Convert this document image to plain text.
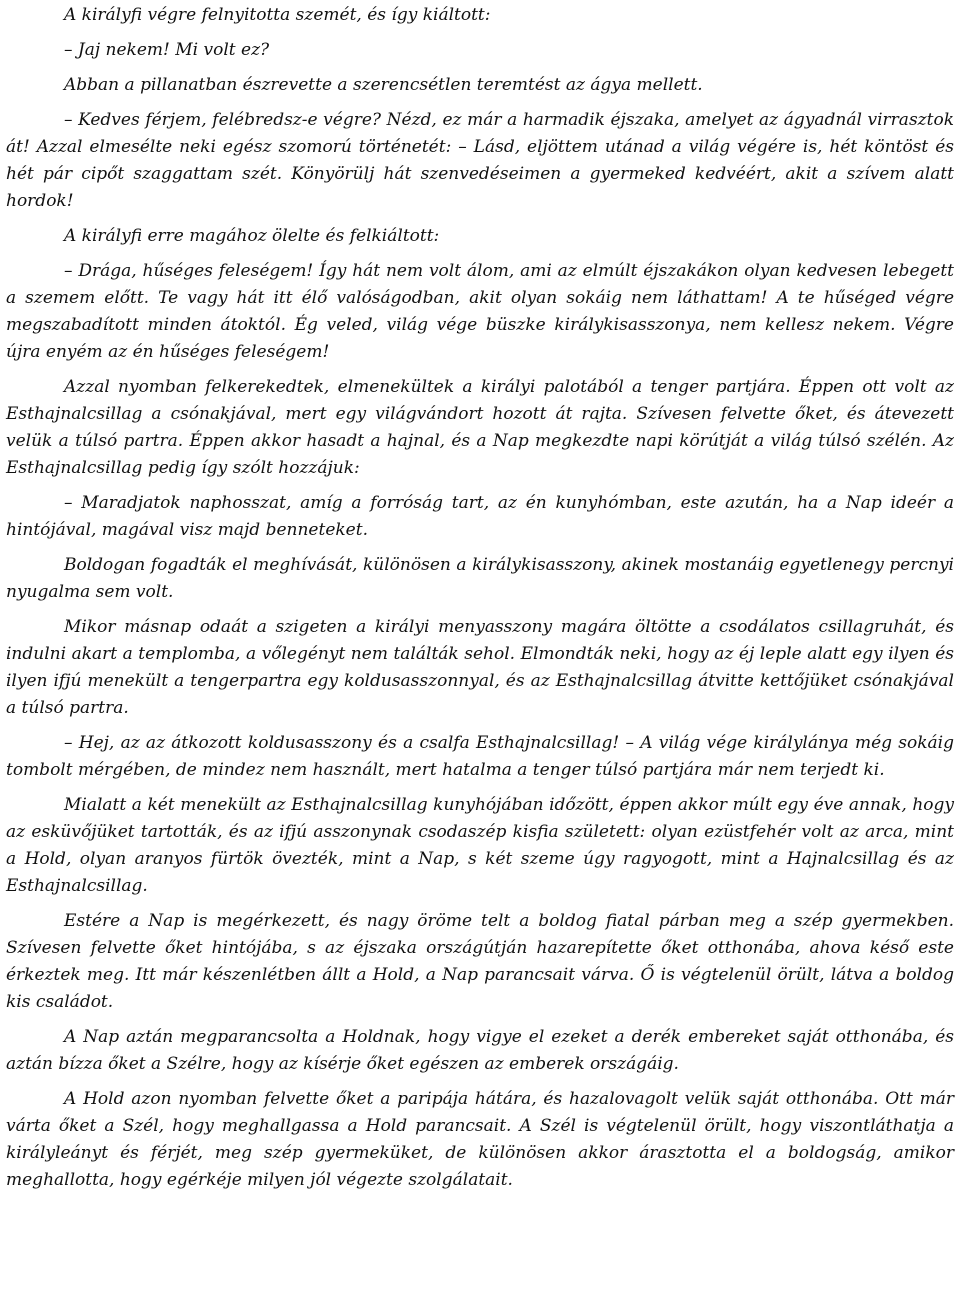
A királyfi végre felnyitotta szemét, és így kiáltott:

– Jaj nekem! Mi volt ez?

Abban a pillanatban észrevette a szerencsétlen teremtést az ágya mellett.

– Kedves férjem, felébredsz-e végre? Nézd, ez már a harmadik éjszaka, amelyet az ágyadnál virrasztok át! Azzal elmesélte neki egész szomorú történetét: – Lásd, eljöttem utánad a világ végére is, hét köntöst és hét pár cipőt szaggattam szét. Könyörülj hát szenvedéseimen a gyermeked kedvéért, akit a szívem alatt hordok!

A királyfi erre magához ölelte és felkiáltott:

– Drága, hűséges feleségem! Így hát nem volt álom, ami az elmúlt éjszakákon olyan kedvesen lebegett a szemem előtt. Te vagy hát itt élő valóságodban, akit olyan sokáig nem láthattam! A te hűséged végre megszabadított minden átoktól. Ég veled, világ vége büszke királykisasszonya, nem kellesz nekem. Végre újra enyém az én hűséges feleségem!

Azzal nyomban felkerekedtek, elmenekültek a királyi palotából a tenger partjára. Éppen ott volt az Esthajnalcsillag a csónakjával, mert egy világvándort hozott át rajta. Szívesen felvette őket, és átevezett velük a túlsó partra. Éppen akkor hasadt a hajnal, és a Nap megkezdte napi körútját a világ túlsó szélén. Az Esthajnalcsillag pedig így szólt hozzájuk:

– Maradjatok naphosszat, amíg a forróság tart, az én kunyhómban, este azután, ha a Nap ideér a hintójával, magával visz majd benneteket.

Boldogan fogadták el meghívását, különösen a királykisasszony, akinek mostanáig egyetlenegy percnyi nyugalma sem volt.

Mikor másnap odaát a szigeten a királyi menyasszony magára öltötte a csodálatos csillagruhát, és indulni akart a templomba, a vőlegényt nem találták sehol. Elmondták neki, hogy az éj leple alatt egy ilyen és ilyen ifjú menekült a tengerpartra egy koldusasszonnyal, és az Esthajnalcsillag átvitte kettőjüket csónakjával a túlsó partra.

– Hej, az az átkozott koldusasszony és a csalfa Esthajnalcsillag! – A világ vége királylánya még sokáig tombolt mérgében, de mindez nem használt, mert hatalma a tenger túlsó partjára már nem terjedt ki.

Mialatt a két menekült az Esthajnalcsillag kunyhójában időzött, éppen akkor múlt egy éve annak, hogy az esküvőjüket tartották, és az ifjú asszonynak csodaszép kisfia született: olyan ezüstfehér volt az arca, mint a Hold, olyan aranyos fürtök övezték, mint a Nap, s két szeme úgy ragyogott, mint a Hajnalcsillag és az Esthajnalcsillag.

Estére a Nap is megérkezett, és nagy öröme telt a boldog fiatal párban meg a szép gyermekben. Szívesen felvette őket hintójába, s az éjszaka országútján hazarepítette őket otthonába, ahova késő este érkeztek meg. Itt már készenlétben állt a Hold, a Nap parancsait várva. Ő is végtelenül örült, látva a boldog kis családot.

A Nap aztán megparancsolta a Holdnak, hogy vigye el ezeket a derék embereket saját otthonába, és aztán bízza őket a Szélre, hogy az kísérje őket egészen az emberek országáig.

A Hold azon nyomban felvette őket a paripája hátára, és hazalovagolt velük saját otthonába. Ott már várta őket a Szél, hogy meghallgassa a Hold parancsait. A Szél is végtelenül örült, hogy viszontláthatja a királyleányt és férjét, meg szép gyermeküket, de különösen akkor árasztotta el a boldogság, amikor meghallotta, hogy egérkéje milyen jól végezte szolgálatait.
